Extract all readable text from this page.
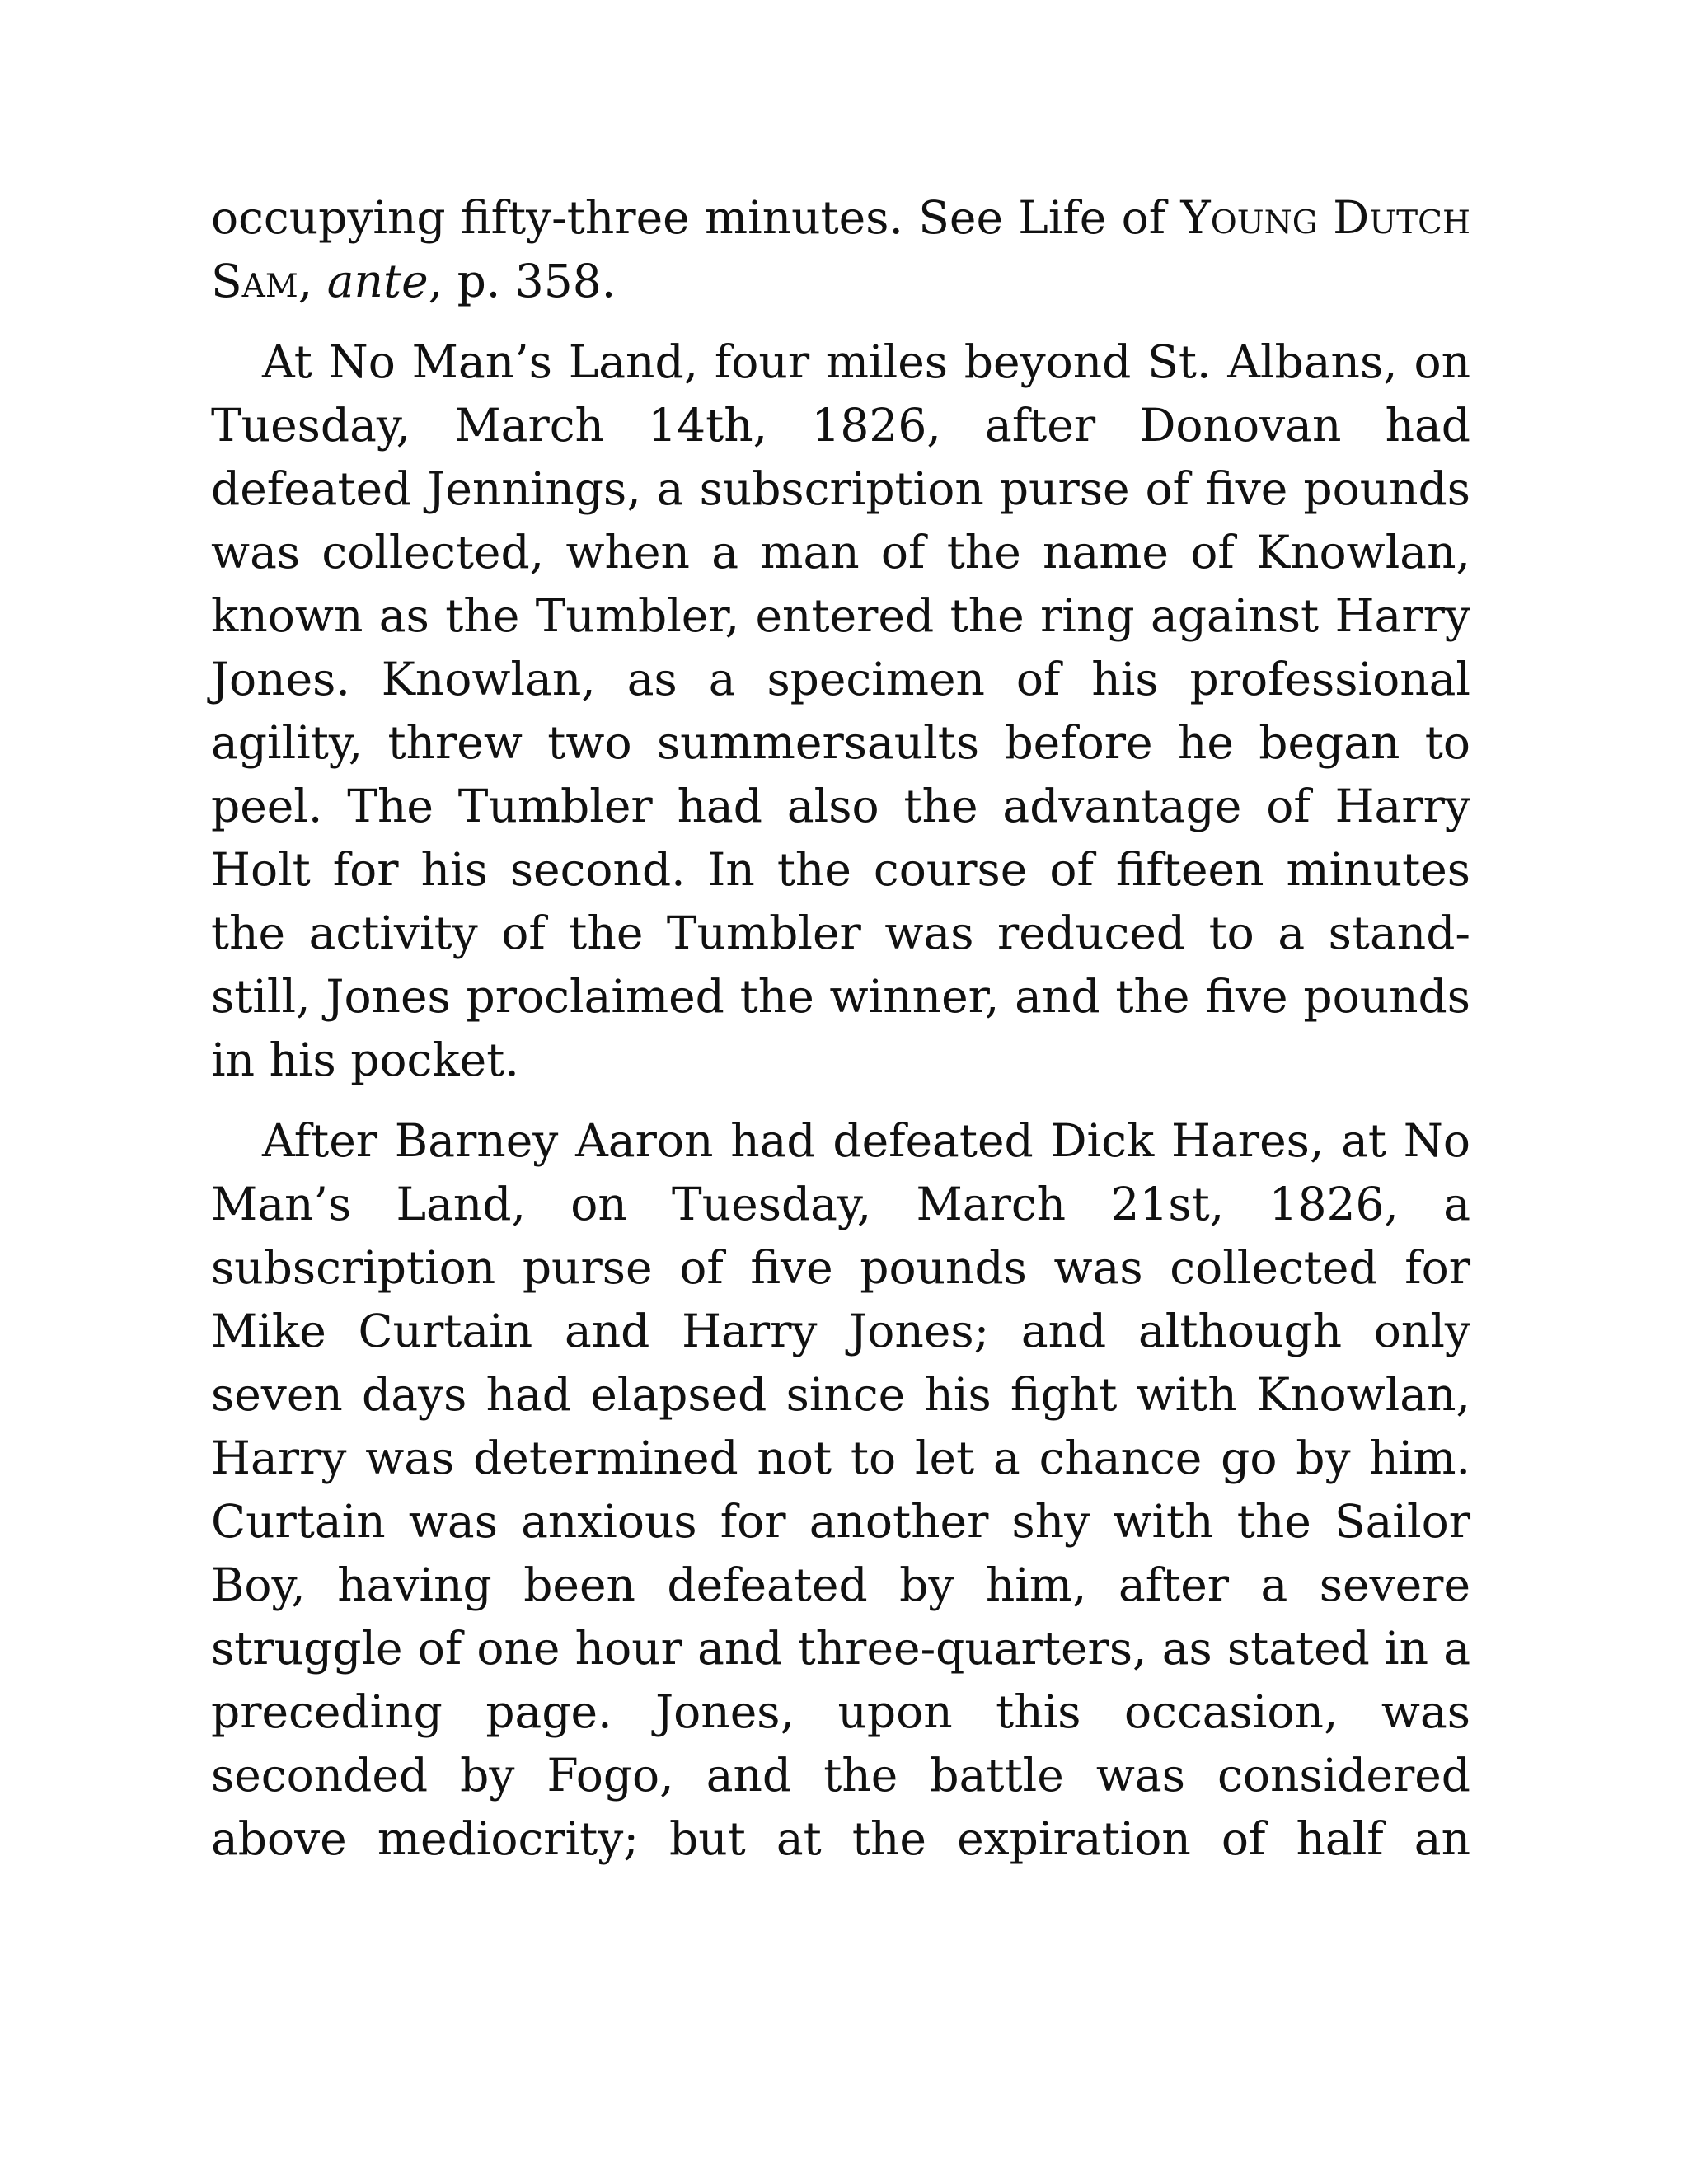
occupying fifty-three minutes. See Life of Young Dutch Sam, ante, p. 358.

At No Man’s Land, four miles beyond St. Albans, on Tuesday, March 14th, 1826, after Donovan had defeated Jennings, a subscription purse of five pounds was collected, when a man of the name of Knowlan, known as the Tumbler, entered the ring against Harry Jones. Knowlan, as a specimen of his professional agility, threw two summersaults before he began to peel. The Tumbler had also the advantage of Harry Holt for his second. In the course of fifteen minutes the activity of the Tumbler was reduced to a stand-still, Jones proclaimed the winner, and the five pounds in his pocket.

After Barney Aaron had defeated Dick Hares, at No Man’s Land, on Tuesday, March 21st, 1826, a subscription purse of five pounds was collected for Mike Curtain and Harry Jones; and although only seven days had elapsed since his fight with Knowlan, Harry was determined not to let a chance go by him. Curtain was anxious for another shy with the Sailor Boy, having been defeated by him, after a severe struggle of one hour and three-quarters, as stated in a preceding page. Jones, upon this occasion, was seconded by Fogo, and the battle was considered above mediocrity; but at the expiration of half an
